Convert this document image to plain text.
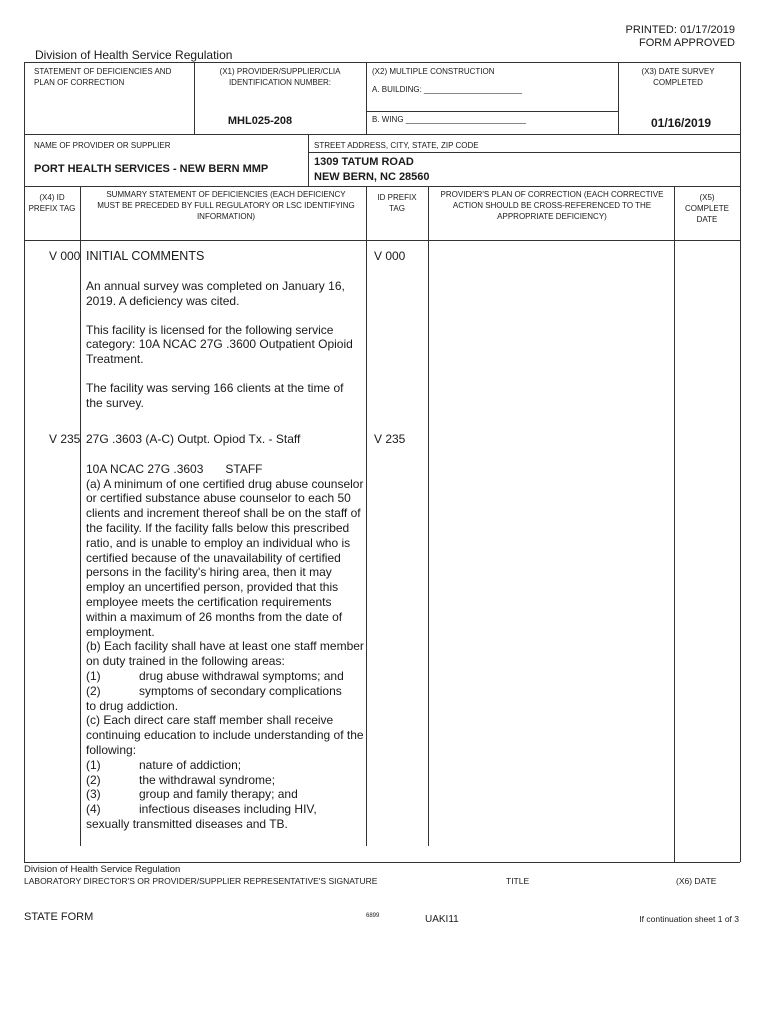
PRINTED: 01/17/2019
FORM APPROVED
Division of Health Service Regulation
STATEMENT OF DEFICIENCIES AND PLAN OF CORRECTION
(X1) PROVIDER/SUPPLIER/CLIA IDENTIFICATION NUMBER:
MHL025-208
(X2) MULTIPLE CONSTRUCTION
A. BUILDING: ______________________
B. WING ___________________________
(X3) DATE SURVEY COMPLETED
01/16/2019
NAME OF PROVIDER OR SUPPLIER
PORT HEALTH SERVICES - NEW BERN MMP
STREET ADDRESS, CITY, STATE, ZIP CODE
1309 TATUM ROAD
NEW BERN, NC 28560
(X4) ID PREFIX TAG
SUMMARY STATEMENT OF DEFICIENCIES (EACH DEFICIENCY MUST BE PRECEDED BY FULL REGULATORY OR LSC IDENTIFYING INFORMATION)
ID PREFIX TAG
PROVIDER'S PLAN OF CORRECTION (EACH CORRECTIVE ACTION SHOULD BE CROSS-REFERENCED TO THE APPROPRIATE DEFICIENCY)
(X5) COMPLETE DATE
V 000	V 000
INITIAL COMMENTS

An annual survey was completed on January 16, 2019. A deficiency was cited.

This facility is licensed for the following service category: 10A NCAC 27G .3600 Outpatient Opioid Treatment.

The facility was serving 166 clients at the time of the survey.

V 235	V 235
27G .3603 (A-C) Outpt. Opiod Tx. - Staff
10A NCAC 27G .3603 STAFF
(a) A minimum of one certified drug abuse counselor or certified substance abuse counselor to each 50 clients and increment thereof shall be on the staff of the facility. If the facility falls below this prescribed ratio, and is unable to employ an individual who is certified because of the unavailability of certified persons in the facility's hiring area, then it may employ an uncertified person, provided that this employee meets the certification requirements within a maximum of 26 months from the date of employment.
(b) Each facility shall have at least one staff member on duty trained in the following areas:
(1)	drug abuse withdrawal symptoms; and
(2)	symptoms of secondary complications
to drug addiction.
(c) Each direct care staff member shall receive continuing education to include understanding of the following:
(1)	nature of addiction;
(2)	the withdrawal syndrome;
(3)	group and family therapy; and
(4)	infectious diseases including HIV,
sexually transmitted diseases and TB.
Division of Health Service Regulation
LABORATORY DIRECTOR'S OR PROVIDER/SUPPLIER REPRESENTATIVE'S SIGNATURE	TITLE	(X6) DATE
STATE FORM	6899	UAKI11	If continuation sheet 1 of 3
